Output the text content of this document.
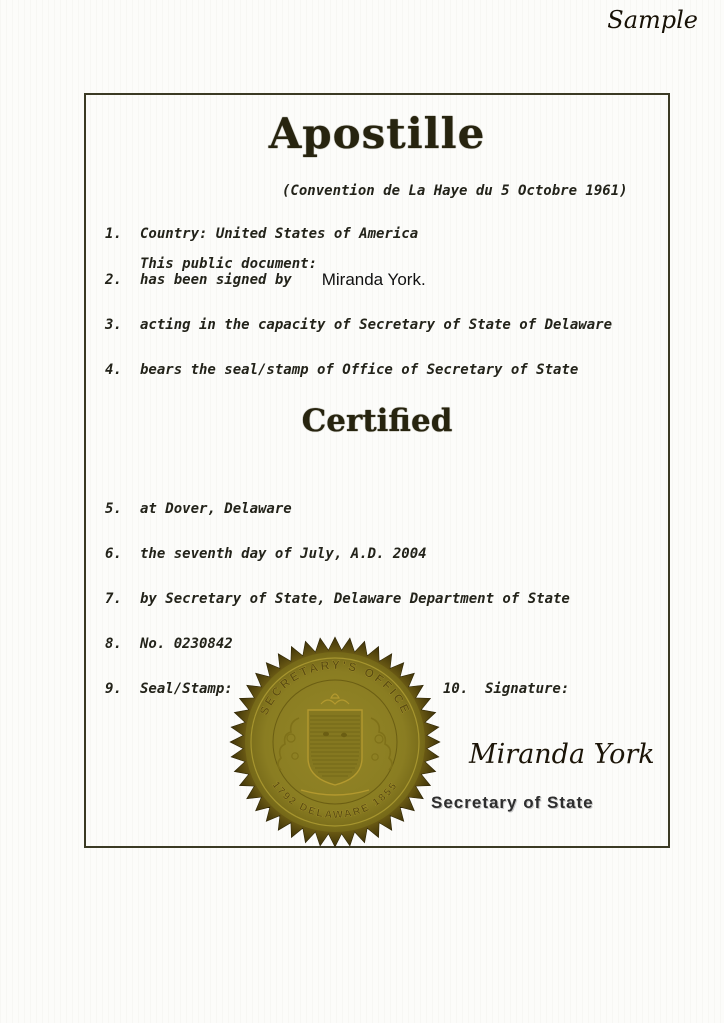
Sample
Apostille
(Convention de La Haye du 5 Octobre 1961)
1.	Country: United States of America
This public document:
2.	has been signed by Miranda York.
3.	acting in the capacity of Secretary of State of Delaware
4.	bears the seal/stamp of Office of Secretary of State
Certified
5.	at Dover, Delaware
6.	the seventh day of July, A.D. 2004
7.	by Secretary of State, Delaware Department of State
8.	No. 0230842
9.	Seal/Stamp:	10.	Signature:
SECRETARY'S OFFICE
1792 DELAWARE 1855
Miranda York
Secretary of State
